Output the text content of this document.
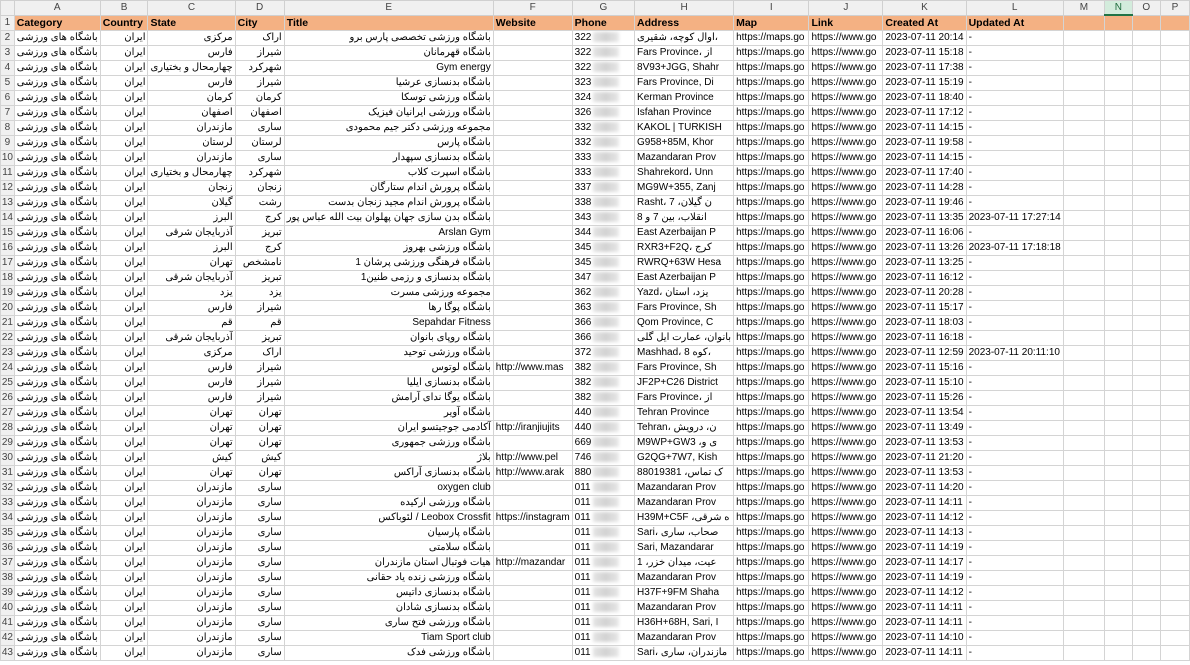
	A	B	C	D	E	F	G	H	I	J	K	L	M	N	O	P
1	Category	Country	State	City	Title	Website	Phone	Address	Map	Link	Created At	Updated At				
2	باشگاه های ورزشی	ایران	مرکزی	اراک	باشگاه ورزشی تخصصی پارس برو		322	اوال کوچه، شقیری،	https://maps.go	https://www.go	2023-07-11 20:14	-				
3	باشگاه های ورزشی	ایران	فارس	شیراز	باشگاه قهرمانان		322	Fars Province، از	https://maps.go	https://www.go	2023-07-11 15:18	-				
4	باشگاه های ورزشی	ایران	چهارمحال و بختیاری	شهرکرد	Gym energy		322	8V93+JGG, Shahr	https://maps.go	https://www.go	2023-07-11 17:38	-				
5	باشگاه های ورزشی	ایران	فارس	شیراز	باشگاه بدنسازی عرشیا		323	Fars Province, Di	https://maps.go	https://www.go	2023-07-11 15:19	-				
6	باشگاه های ورزشی	ایران	کرمان	کرمان	باشگاه ورزشی توسکا		324	Kerman Province	https://maps.go	https://www.go	2023-07-11 18:40	-				
7	باشگاه های ورزشی	ایران	اصفهان	اصفهان	باشگاه ورزشی ایرانیان فیزیک		326	Isfahan Province	https://maps.go	https://www.go	2023-07-11 17:12	-				
8	باشگاه های ورزشی	ایران	مازندران	ساری	مجموعه ورزشی دکتر جیم محمودی		332	KAKOL | TURKISH	https://maps.go	https://www.go	2023-07-11 14:15	-				
9	باشگاه های ورزشی	ایران	لرستان	لرستان	باشگاه پارس		332	G958+85M, Khor	https://maps.go	https://www.go	2023-07-11 19:58	-				
10	باشگاه های ورزشی	ایران	مازندران	ساری	باشگاه بدنسازی سپهدار		333	Mazandaran Prov	https://maps.go	https://www.go	2023-07-11 14:15	-				
11	باشگاه های ورزشی	ایران	چهارمحال و بختیاری	شهرکرد	باشگاه اسپرت کلاب		333	Shahrekord، Unn	https://maps.go	https://www.go	2023-07-11 17:40	-				
12	باشگاه های ورزشی	ایران	زنجان	زنجان	باشگاه پرورش اندام ستارگان		337	MG9W+355, Zanj	https://maps.go	https://www.go	2023-07-11 14:28	-				
13	باشگاه های ورزشی	ایران	گیلان	رشت	باشگاه پرورش اندام مجید زنجان بدست		338	Rasht، 7 ،ن گیلان	https://maps.go	https://www.go	2023-07-11 19:46	-				
14	باشگاه های ورزشی	ایران	البرز	کرج	باشگاه بدن سازی جهان پهلوان بیت الله عباس پور		343	انقلاب، بین 7 و 8	https://maps.go	https://www.go	2023-07-11 13:35	2023-07-11 17:27:14				
15	باشگاه های ورزشی	ایران	آذربایجان شرقی	تبریز	Arslan Gym		344	East Azerbaijan P	https://maps.go	https://www.go	2023-07-11 16:06	-				
16	باشگاه های ورزشی	ایران	البرز	کرج	باشگاه ورزشی بهروز		345	RXR3+F2Q، کرج	https://maps.go	https://www.go	2023-07-11 13:26	2023-07-11 17:18:18				
17	باشگاه های ورزشی	ایران	تهران	نامشخص	باشگاه فرهنگی ورزشی پرشان 1		345	RWRQ+63W Hesa	https://maps.go	https://www.go	2023-07-11 13:25	-				
18	باشگاه های ورزشی	ایران	آذربایجان شرقی	تبریز	باشگاه بدنسازی و رزمی طنین1		347	East Azerbaijan P	https://maps.go	https://www.go	2023-07-11 16:12	-				
19	باشگاه های ورزشی	ایران	یزد	یزد	مجموعه ورزشی مسرت		362	Yazd، یزد، استان	https://maps.go	https://www.go	2023-07-11 20:28	-				
20	باشگاه های ورزشی	ایران	فارس	شیراز	باشگاه پوگا رها		363	Fars Province, Sh	https://maps.go	https://www.go	2023-07-11 15:17	-				
21	باشگاه های ورزشی	ایران	قم	قم	Sepahdar Fitness		366	Qom Province, C	https://maps.go	https://www.go	2023-07-11 18:03	-				
22	باشگاه های ورزشی	ایران	آذربایجان شرقی	تبریز	باشگاه روپای بانوان		366	بانوان، عمارت ایل گلی	https://maps.go	https://www.go	2023-07-11 16:18	-				
23	باشگاه های ورزشی	ایران	مرکزی	اراک	باشگاه ورزشی توحید		372	Mashhad، 8 کوه،	https://maps.go	https://www.go	2023-07-11 12:59	2023-07-11 20:11:10				
24	باشگاه های ورزشی	ایران	فارس	شیراز	باشگاه لوتوس	http://www.mas	382	Fars Province, Sh	https://maps.go	https://www.go	2023-07-11 15:16	-				
25	باشگاه های ورزشی	ایران	فارس	شیراز	باشگاه بدنسازی ایلیا		382	JF2P+C26 District	https://maps.go	https://www.go	2023-07-11 15:10	-				
26	باشگاه های ورزشی	ایران	فارس	شیراز	باشگاه یوگا ندای آرامش		382	Fars Province، از	https://maps.go	https://www.go	2023-07-11 15:26	-				
27	باشگاه های ورزشی	ایران	تهران	تهران	باشگاه آویر		440	Tehran Province	https://maps.go	https://www.go	2023-07-11 13:54	-				
28	باشگاه های ورزشی	ایران	تهران	تهران	آکادمی جوجیتسو ایران	http://iranjiujits	440	Tehran، ن، درویش	https://maps.go	https://www.go	2023-07-11 13:49	-				
29	باشگاه های ورزشی	ایران	تهران	تهران	باشگاه ورزشی جمهوری		669	M9WP+GW3 ،ی و	https://maps.go	https://www.go	2023-07-11 13:53	-				
30	باشگاه های ورزشی	ایران	کیش	کیش	بلاژ	http://www.pel	746	G2QG+7W7, Kish	https://maps.go	https://www.go	2023-07-11 21:20	-				
31	باشگاه های ورزشی	ایران	تهران	تهران	باشگاه بدنسازی آراکس	http://www.arak	880	88019381 ،ک تماس	https://maps.go	https://www.go	2023-07-11 13:53	-				
32	باشگاه های ورزشی	ایران	مازندران	ساری	oxygen club		011	Mazandaran Prov	https://maps.go	https://www.go	2023-07-11 14:20	-				
33	باشگاه های ورزشی	ایران	مازندران	ساری	باشگاه ورزشی ارکیده		011	Mazandaran Prov	https://maps.go	https://www.go	2023-07-11 14:11	-				
34	باشگاه های ورزشی	ایران	مازندران	ساری	Leobox Crossfit / لئوباکس	https://instagram	011	H39M+C5F ،ه شرقی	https://maps.go	https://www.go	2023-07-11 14:12	-				
35	باشگاه های ورزشی	ایران	مازندران	ساری	باشگاه پارسیان		011	Sari، صحاب، ساری	https://maps.go	https://www.go	2023-07-11 14:13	-				
36	باشگاه های ورزشی	ایران	مازندران	ساری	باشگاه سلامتی		011	Sari, Mazandarar	https://maps.go	https://www.go	2023-07-11 14:19	-				
37	باشگاه های ورزشی	ایران	مازندران	ساری	هیات فوتبال استان مازندران	http://mazandar	011	عیت، میدان خزر، 1	https://maps.go	https://www.go	2023-07-11 14:17	-				
38	باشگاه های ورزشی	ایران	مازندران	ساری	باشگاه ورزشی زنده یاد حقانی		011	Mazandaran Prov	https://maps.go	https://www.go	2023-07-11 14:19	-				
39	باشگاه های ورزشی	ایران	مازندران	ساری	باشگاه بدنسازی داتیس		011	H37F+9FM Shaha	https://maps.go	https://www.go	2023-07-11 14:12	-				
40	باشگاه های ورزشی	ایران	مازندران	ساری	باشگاه بدنسازی شادان		011	Mazandaran Prov	https://maps.go	https://www.go	2023-07-11 14:11	-				
41	باشگاه های ورزشی	ایران	مازندران	ساری	باشگاه ورزشی فتح ساری		011	H36H+68H, Sari, I	https://maps.go	https://www.go	2023-07-11 14:11	-				
42	باشگاه های ورزشی	ایران	مازندران	ساری	Tiam Sport club		011	Mazandaran Prov	https://maps.go	https://www.go	2023-07-11 14:10	-				
43	باشگاه های ورزشی	ایران	مازندران	ساری	باشگاه ورزشی فدک		011	Sari، مازندران، ساری	https://maps.go	https://www.go	2023-07-11 14:11	-				
